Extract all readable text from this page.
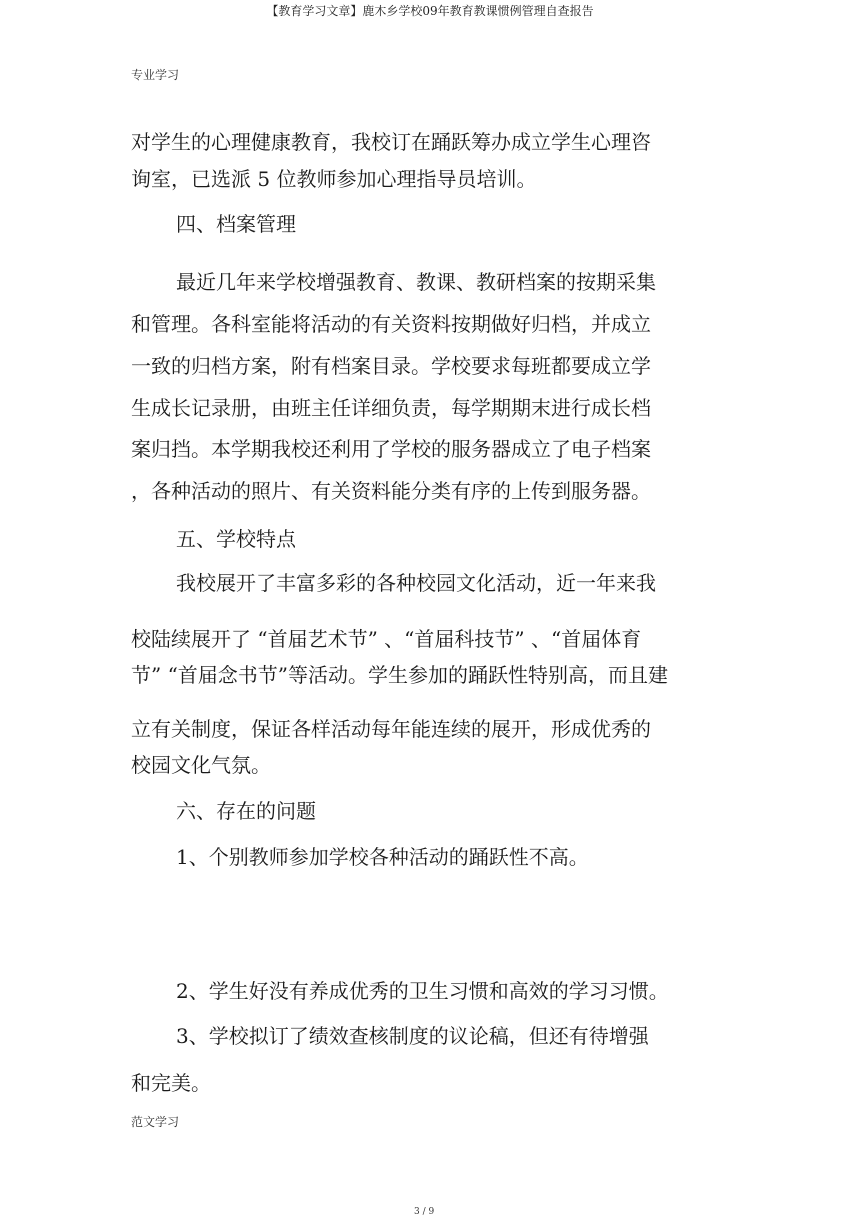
【教育学习文章】鹿木乡学校09年教育教课惯例管理自查报告
专业学习
对学生的心理健康教育，我校订在踊跃筹办成立学生心理咨
询室，已选派 5 位教师参加心理指导员培训。
四、档案管理
最近几年来学校增强教育、教课、教研档案的按期采集
和管理。各科室能将活动的有关资料按期做好归档，并成立
一致的归档方案，附有档案目录。学校要求每班都要成立学
生成长记录册，由班主任详细负责，每学期期末进行成长档
案归挡。本学期我校还利用了学校的服务器成立了电子档案
，各种活动的照片、有关资料能分类有序的上传到服务器。
五、学校特点
我校展开了丰富多彩的各种校园文化活动，近一年来我
校陆续展开了 “首届艺术节” 、“首届科技节” 、“首届体育
节” “首届念书节”等活动。学生参加的踊跃性特别高，而且建
立有关制度，保证各样活动每年能连续的展开，形成优秀的
校园文化气氛。
六、存在的问题
1、个别教师参加学校各种活动的踊跃性不高。
2、学生好没有养成优秀的卫生习惯和高效的学习习惯。
3、学校拟订了绩效查核制度的议论稿，但还有待增强
和完美。
范文学习
3 / 9
